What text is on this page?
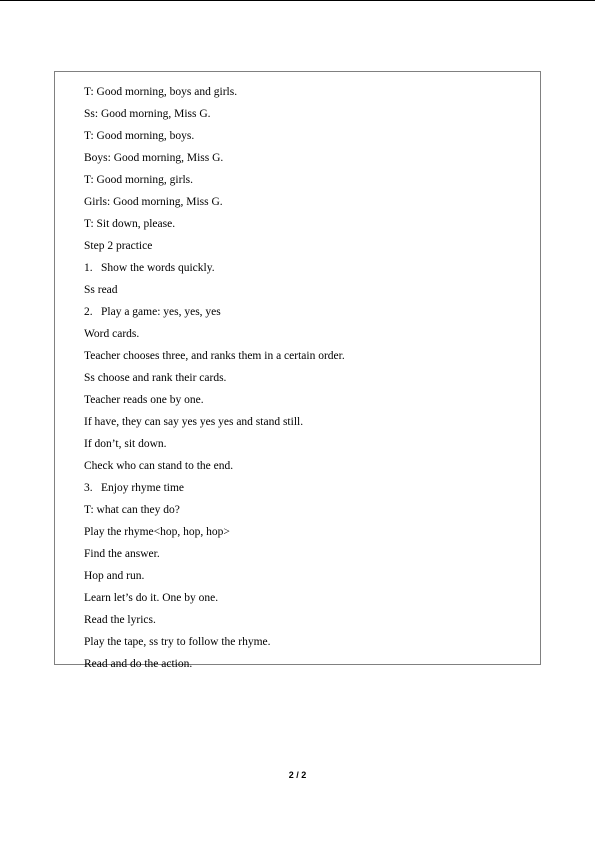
T: Good morning, boys and girls.
Ss: Good morning, Miss G.
T: Good morning, boys.
Boys: Good morning, Miss G.
T: Good morning, girls.
Girls: Good morning, Miss G.
T: Sit down, please.
Step 2 practice
1. Show the words quickly.
Ss read
2. Play a game: yes, yes, yes
Word cards.
Teacher chooses three, and ranks them in a certain order.
Ss choose and rank their cards.
Teacher reads one by one.
If have, they can say yes yes yes and stand still.
If don’t, sit down.
Check who can stand to the end.
3. Enjoy rhyme time
T: what can they do?
Play the rhyme<hop, hop, hop>
Find the answer.
Hop and run.
Learn let’s do it. One by one.
Read the lyrics.
Play the tape, ss try to follow the rhyme.
Read and do the action.
2 / 2
